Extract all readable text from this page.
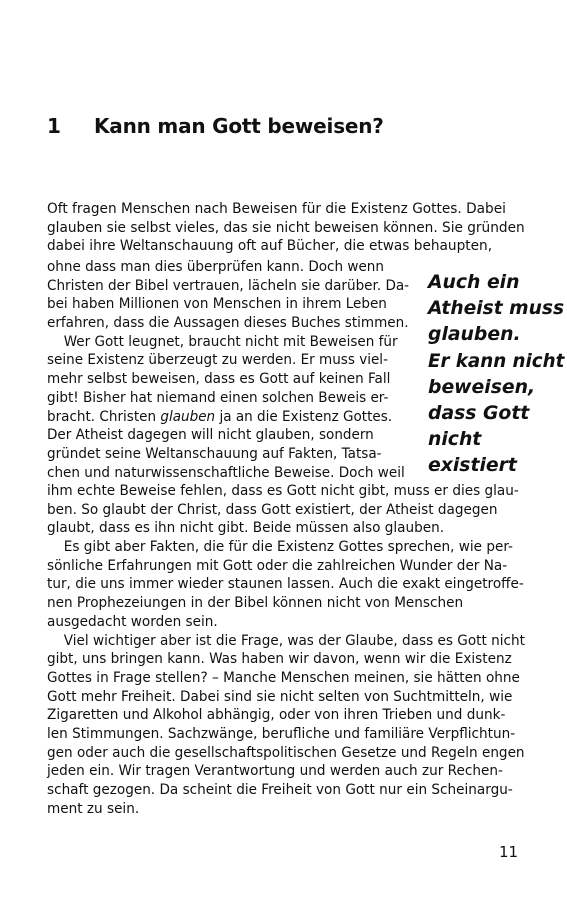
1 Kann man Gott beweisen?
Oft fragen Menschen nach Beweisen für die Existenz Gottes. Dabei
glauben sie selbst vieles, das sie nicht beweisen können. Sie gründen
dabei ihre Weltanschauung oft auf Bücher, die etwas behaupten,
ohne dass man dies überprüfen kann. Doch wenn
Christen der Bibel vertrauen, lächeln sie darüber. Da-
bei haben Millionen von Menschen in ihrem Leben
erfahren, dass die Aussagen dieses Buches stimmen.
Wer Gott leugnet, braucht nicht mit Beweisen für
seine Existenz überzeugt zu werden. Er muss viel-
mehr selbst beweisen, dass es Gott auf keinen Fall
gibt! Bisher hat niemand einen solchen Beweis er-
bracht. Christen glauben ja an die Existenz Gottes.
Der Atheist dagegen will nicht glauben, sondern
gründet seine Weltanschauung auf Fakten, Tatsa-
chen und naturwissenschaftliche Beweise. Doch weil
Auch ein
Atheist muss
glauben.
Er kann nicht
beweisen,
dass Gott
nicht
existiert
ihm echte Beweise fehlen, dass es Gott nicht gibt, muss er dies glau-
ben. So glaubt der Christ, dass Gott existiert, der Atheist dagegen
glaubt, dass es ihn nicht gibt. Beide müssen also glauben.
Es gibt aber Fakten, die für die Existenz Gottes sprechen, wie per-
sönliche Erfahrungen mit Gott oder die zahlreichen Wunder der Na-
tur, die uns immer wieder staunen lassen. Auch die exakt eingetroffe-
nen Prophezeiungen in der Bibel können nicht von Menschen
ausgedacht worden sein.
Viel wichtiger aber ist die Frage, was der Glaube, dass es Gott nicht
gibt, uns bringen kann. Was haben wir davon, wenn wir die Existenz
Gottes in Frage stellen? – Manche Menschen meinen, sie hätten ohne
Gott mehr Freiheit. Dabei sind sie nicht selten von Suchtmitteln, wie
Zigaretten und Alkohol abhängig, oder von ihren Trieben und dunk-
len Stimmungen. Sachzwänge, berufliche und familiäre Verpflichtun-
gen oder auch die gesellschaftspolitischen Gesetze und Regeln engen
jeden ein. Wir tragen Verantwortung und werden auch zur Rechen-
schaft gezogen. Da scheint die Freiheit von Gott nur ein Scheinargu-
ment zu sein.
11
